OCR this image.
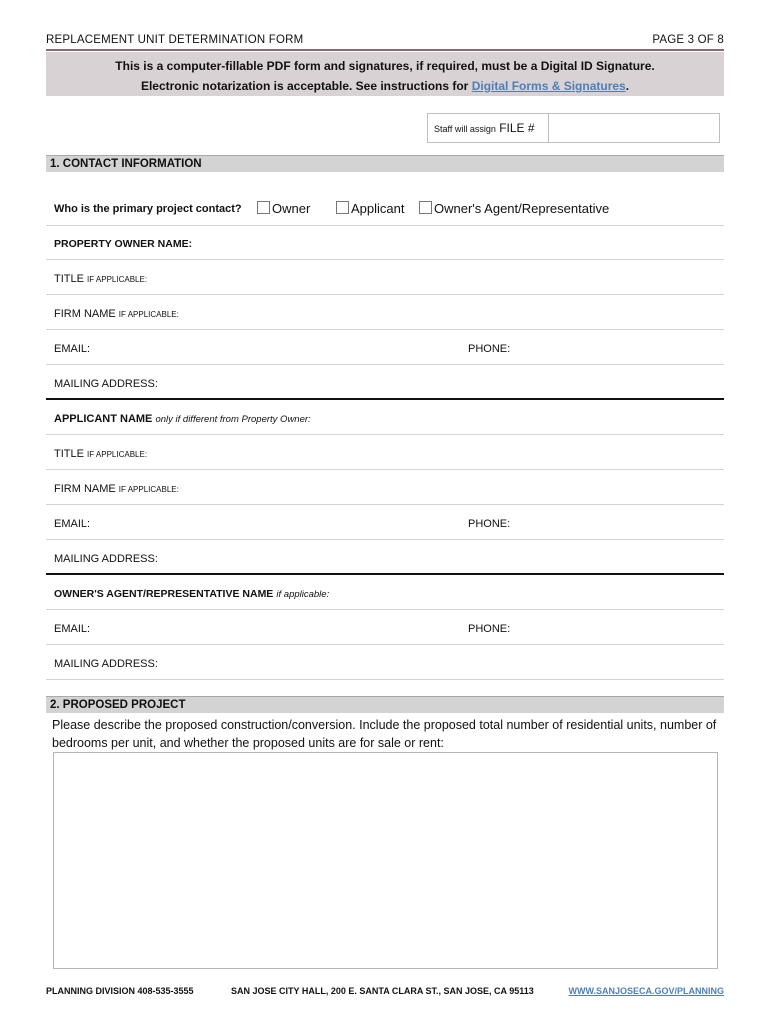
REPLACEMENT UNIT DETERMINATION FORM	PAGE 3 OF 8
This is a computer-fillable PDF form and signatures, if required, must be a Digital ID Signature.
Electronic notarization is acceptable. See instructions for Digital Forms & Signatures.
Staff will assign FILE #
1. CONTACT INFORMATION
Who is the primary project contact?	Owner	Applicant	Owner's Agent/Representative
PROPERTY OWNER NAME:
TITLE IF APPLICABLE:
FIRM NAME IF APPLICABLE:
EMAIL:	PHONE:
MAILING ADDRESS:
APPLICANT NAME only if different from Property Owner:
TITLE IF APPLICABLE:
FIRM NAME IF APPLICABLE:
EMAIL:	PHONE:
MAILING ADDRESS:
OWNER'S AGENT/REPRESENTATIVE NAME if applicable:
EMAIL:	PHONE:
MAILING ADDRESS:
2. PROPOSED PROJECT
Please describe the proposed construction/conversion. Include the proposed total number of residential units, number of bedrooms per unit, and whether the proposed units are for sale or rent:
PLANNING DIVISION 408-535-3555	SAN JOSE CITY HALL, 200 E. SANTA CLARA ST., SAN JOSE, CA 95113	WWW.SANJOSECA.GOV/PLANNING
